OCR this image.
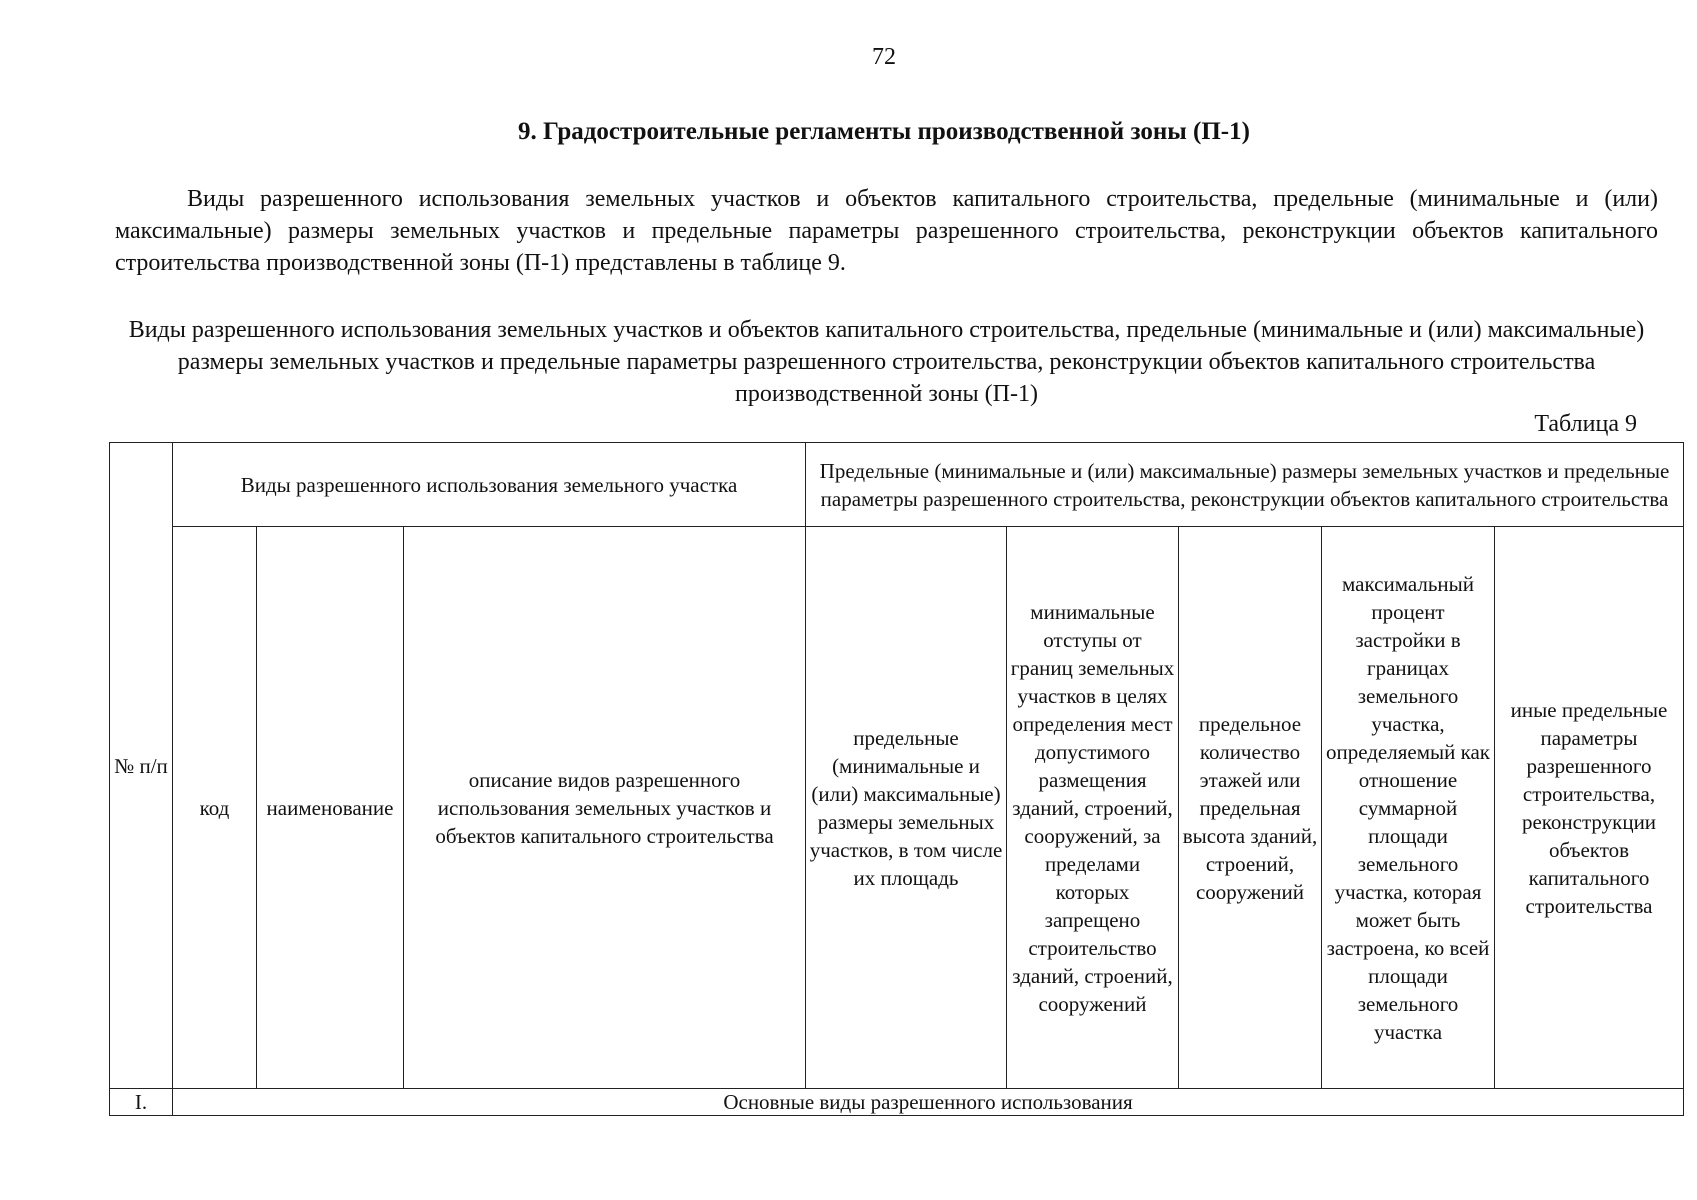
72
9. Градостроительные регламенты производственной зоны (П-1)

Виды разрешенного использования земельных участков и объектов капитального строительства, предельные (минимальные и (или) максимальные) размеры земельных участков и предельные параметры разрешенного строительства, реконструкции объектов капитального строительства производственной зоны (П-1) представлены в таблице 9.

Виды разрешенного использования земельных участков и объектов капитального строительства, предельные (минимальные и (или) максимальные) размеры земельных участков и предельные параметры разрешенного строительства, реконструкции объектов капитального строительства производственной зоны (П-1)

Таблица 9
№ п/п	Виды разрешенного использования земельного участка			Предельные (минимальные и (или) максимальные) размеры земельных участков и предельные параметры разрешенного строительства, реконструкции объектов капитального строительства				
	код	наименование	описание видов разрешенного использования земельных участков и объектов капитального строительства	предельные (минимальные и (или) максимальные) размеры земельных участков, в том числе их площадь	минимальные отступы от границ земельных участков в целях определения мест допустимого размещения зданий, строений, сооружений, за пределами которых запрещено строительство зданий, строений, сооружений	предельное количество этажей или предельная высота зданий, строений, сооружений	максимальный процент застройки в границах земельного участка, определяемый как отношение суммарной площади земельного участка, которая может быть застроена, ко всей площади земельного участка	иные предельные параметры разрешенного строительства, реконструкции объектов капитального строительства
I.	Основные виды разрешенного использования							
